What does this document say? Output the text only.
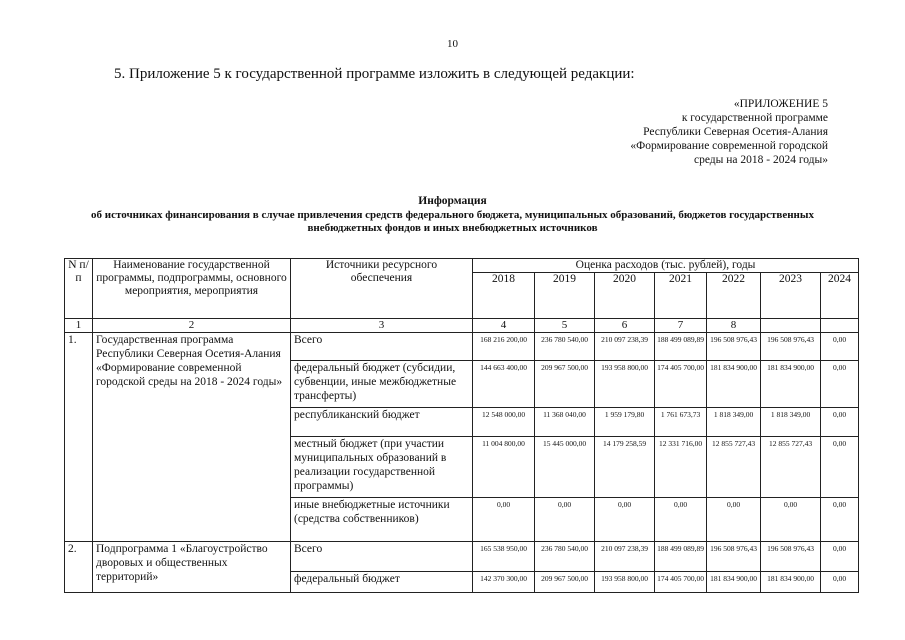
10
5. Приложение 5 к государственной программе изложить в следующей редакции:
«ПРИЛОЖЕНИЕ 5
к государственной программе
Республики Северная Осетия-Алания
«Формирование современной городской
среды на 2018 - 2024 годы»
Информация
об источниках финансирования в случае привлечения средств федерального бюджета, муниципальных образований, бюджетов государственных внебюджетных фондов и иных внебюджетных источников
N п/п	Наименование государственной программы, подпрограммы, основного мероприятия, мероприятия	Источники ресурсного обеспечения	Оценка расходов (тыс. рублей), годы						
			2018	2019	2020	2021	2022	2023	2024
1	2	3	4	5	6	7	8		
1.	Государственная программа Республики Северная Осетия-Алания «Формирование современной городской среды на 2018 - 2024 годы»	Всего	168 216 200,00	236 780 540,00	210 097 238,39	188 499 089,89	196 508 976,43	196 508 976,43	0,00
		федеральный бюджет (субсидии, субвенции, иные межбюджетные трансферты)	144 663 400,00	209 967 500,00	193 958 800,00	174 405 700,00	181 834 900,00	181 834 900,00	0,00
		республиканский бюджет	12 548 000,00	11 368 040,00	1 959 179,80	1 761 673,73	1 818 349,00	1 818 349,00	0,00
		местный бюджет (при участии муниципальных образований в реализации государственной программы)	11 004 800,00	15 445 000,00	14 179 258,59	12 331 716,00	12 855 727,43	12 855 727,43	0,00
		иные внебюджетные источники (средства собственников)	0,00	0,00	0,00	0,00	0,00	0,00	0,00
2.	Подпрограмма 1 «Благоустройство дворовых и общественных территорий»	Всего	165 538 950,00	236 780 540,00	210 097 238,39	188 499 089,89	196 508 976,43	196 508 976,43	0,00
		федеральный бюджет	142 370 300,00	209 967 500,00	193 958 800,00	174 405 700,00	181 834 900,00	181 834 900,00	0,00
